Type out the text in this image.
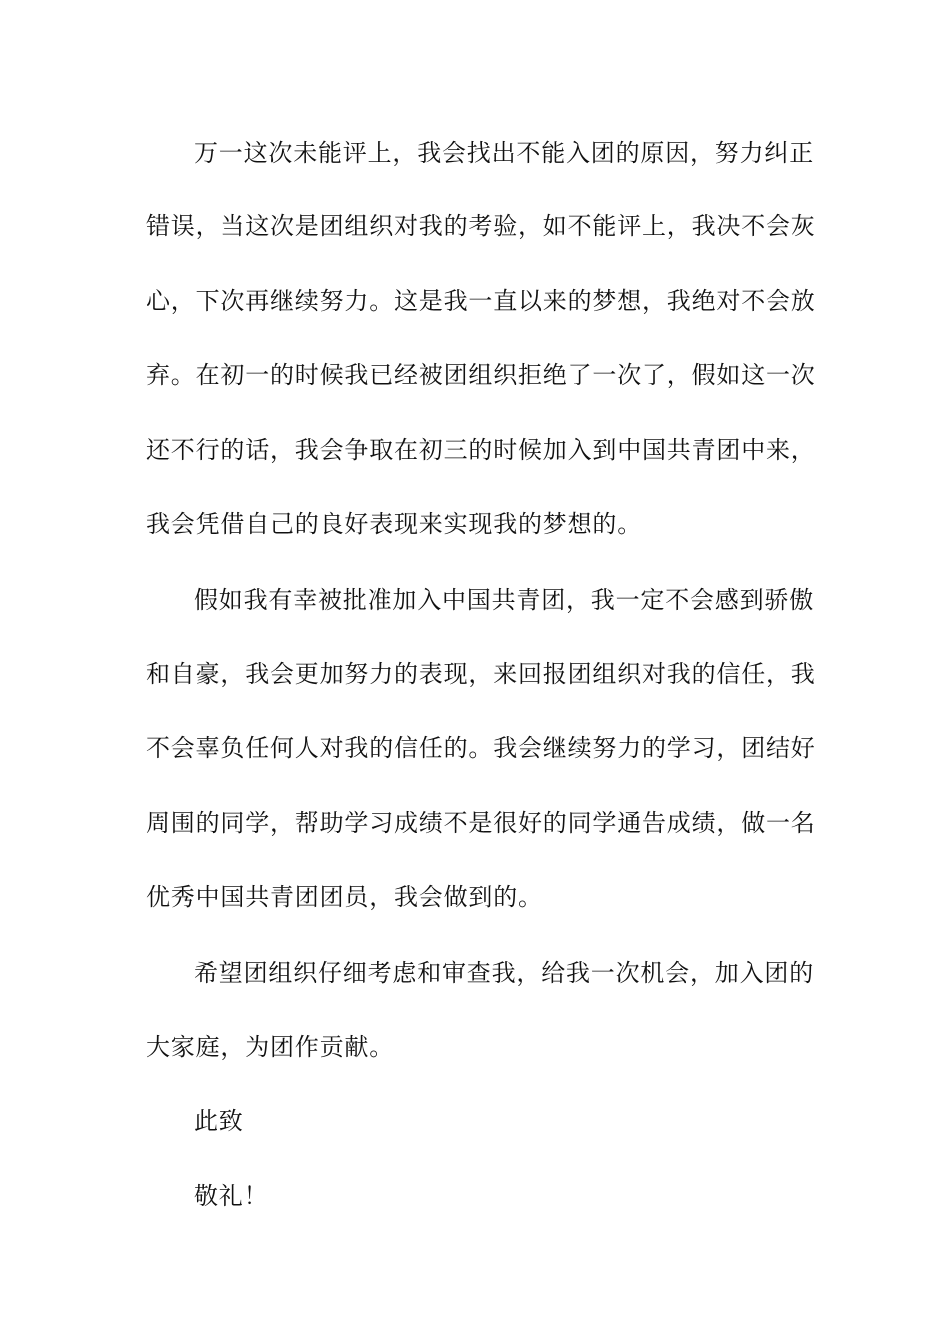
万一这次未能评上，我会找出不能入团的原因，努力纠正
错误，当这次是团组织对我的考验，如不能评上，我决不会灰
心，下次再继续努力。这是我一直以来的梦想，我绝对不会放
弃。在初一的时候我已经被团组织拒绝了一次了，假如这一次
还不行的话，我会争取在初三的时候加入到中国共青团中来，
我会凭借自己的良好表现来实现我的梦想的。
假如我有幸被批准加入中国共青团，我一定不会感到骄傲
和自豪，我会更加努力的表现，来回报团组织对我的信任，我
不会辜负任何人对我的信任的。我会继续努力的学习，团结好
周围的同学，帮助学习成绩不是很好的同学通告成绩，做一名
优秀中国共青团团员，我会做到的。
希望团组织仔细考虑和审查我，给我一次机会，加入团的
大家庭，为团作贡献。
此致
敬礼！
